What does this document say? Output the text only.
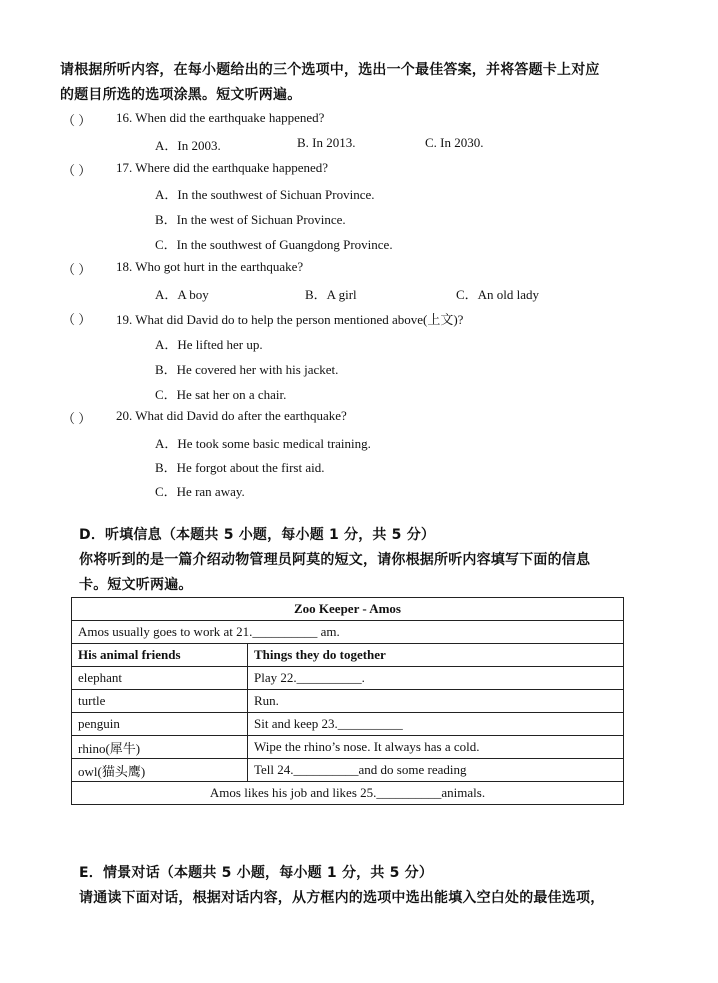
请根据所听内容，在每小题给出的三个选项中，选出一个最佳答案，并将答题卡上对应
的题目所选的选项涂黑。短文听两遍。
（ ） 16. When did the earthquake happened?
A．In 2003.	B. In 2013.	C. In 2030.
（ ） 17. Where did the earthquake happened?
A．In the southwest of Sichuan Province.
B．In the west of Sichuan Province.
C．In the southwest of Guangdong Province.
（ ） 18. Who got hurt in the earthquake?
A．A boy	B．A girl	C．An old lady
（ ） 19. What did David do to help the person mentioned above(上文)?
A．He lifted her up.
B．He covered her with his jacket.
C．He sat her on a chair.
（ ） 20. What did David do after the earthquake?
A．He took some basic medical training.
B．He forgot about the first aid.
C．He ran away.
D．听填信息（本题共 5 小题，每小题 1 分，共 5 分）
你将听到的是一篇介绍动物管理员阿莫的短文，请你根据所听内容填写下面的信息
卡。短文听两遍。
Zoo Keeper - Amos	
Amos usually goes to work at 21.__________ am.	
His animal friends	Things they do together
elephant	Play 22.__________.
turtle	Run.
penguin	Sit and keep 23.__________
rhino(犀牛)	Wipe the rhino’s nose. It always has a cold.
owl(猫头鹰)	Tell 24.__________and do some reading
Amos likes his job and likes 25.__________animals.	
E．情景对话（本题共 5 小题，每小题 1 分，共 5 分）
请通读下面对话，根据对话内容，从方框内的选项中选出能填入空白处的最佳选项，
